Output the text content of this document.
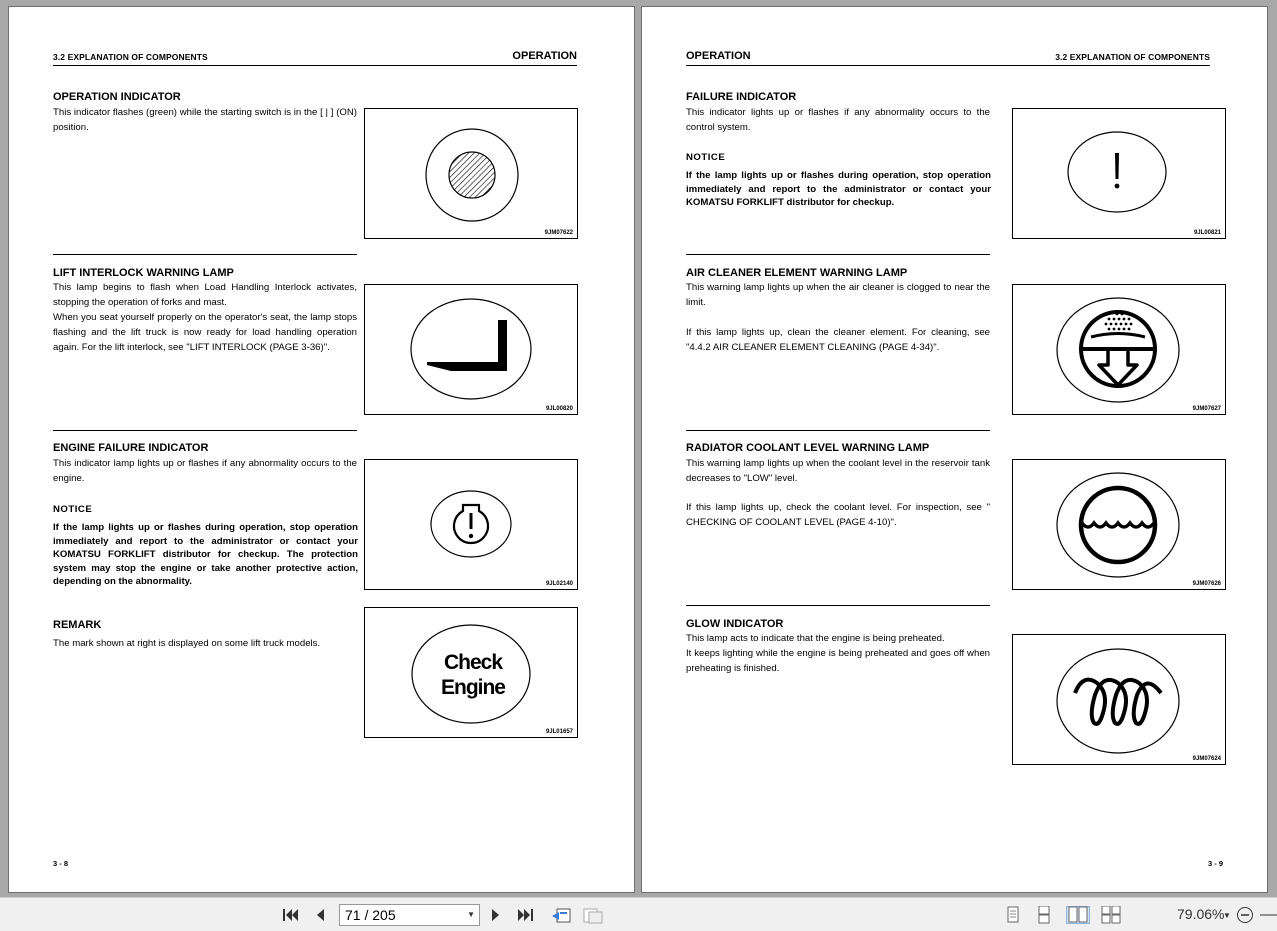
3.2 EXPLANATION OF COMPONENTS	OPERATION
OPERATION INDICATOR
This indicator flashes (green) while the starting switch is in the [ | ] (ON) position.
9JM07622
LIFT INTERLOCK WARNING LAMP
This lamp begins to flash when Load Handling Interlock activates, stopping the operation of forks and mast.
When you seat yourself properly on the operator's seat, the lamp stops flashing and the lift truck is now ready for load handling operation again. For the lift interlock, see "LIFT INTERLOCK (PAGE 3-36)".
9JL00820
ENGINE FAILURE INDICATOR
This indicator lamp lights up or flashes if any abnormality occurs to the engine.
NOTICE
If the lamp lights up or flashes during operation, stop operation immediately and report to the administrator or contact your KOMATSU FORKLIFT distributor for checkup. The protection system may stop the engine or take another protective action, depending on the abnormality.	9JL02140
REMARK
The mark shown at right is displayed on some lift truck models.
Check
Engine
9JL01657
3 - 8
OPERATION	3.2 EXPLANATION OF COMPONENTS
FAILURE INDICATOR
This indicator lights up or flashes if any abnormality occurs to the control system.
NOTICE
If the lamp lights up or flashes during operation, stop operation immediately and report to the administrator or contact your KOMATSU FORKLIFT distributor for checkup.
9JL00821
AIR CLEANER ELEMENT WARNING LAMP
This warning lamp lights up when the air cleaner is clogged to near the limit.
If this lamp lights up, clean the cleaner element. For cleaning, see "4.4.2 AIR CLEANER ELEMENT CLEANING (PAGE 4-34)".
9JM07627
RADIATOR COOLANT LEVEL WARNING LAMP
This warning lamp lights up when the coolant level in the reservoir tank decreases to "LOW" level.
If this lamp lights up, check the coolant level. For inspection, see " CHECKING OF COOLANT LEVEL (PAGE 4-10)".
9JM07626
GLOW INDICATOR
This lamp acts to indicate that the engine is being preheated.
It keeps lighting while the engine is being preheated and goes off when preheating is finished.
9JM07624
3 - 9
71 / 205	▼	79.06%
▼
